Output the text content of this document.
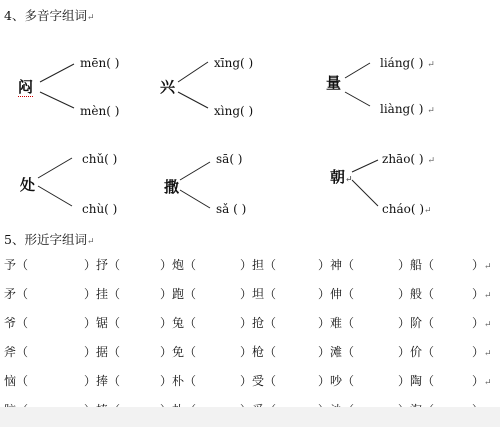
4、多音字组词↵
闷
mēn( )
mèn( )
兴
xīng( )
xìng( )
量
liáng( ) ↵
liàng( ) ↵
处
chǔ( )
chù( )
撒
sā( )
sǎ ( )
朝↵
zhāo( ) ↵
cháo( )↵
5、形近字组词↵
予（	）抒（	）炮（	）担（	）神（	）船（	）↵
矛（	）挂（	）跑（	）坦（	）伸（	）般（	）↵
爷（	）锯（	）兔（	）抢（	）难（	）阶（	）↵
斧（	）据（	）免（	）枪（	）滩（	）价（	）↵
恼（	）捧（	）朴（	）受（	）吵（	）陶（	）↵
